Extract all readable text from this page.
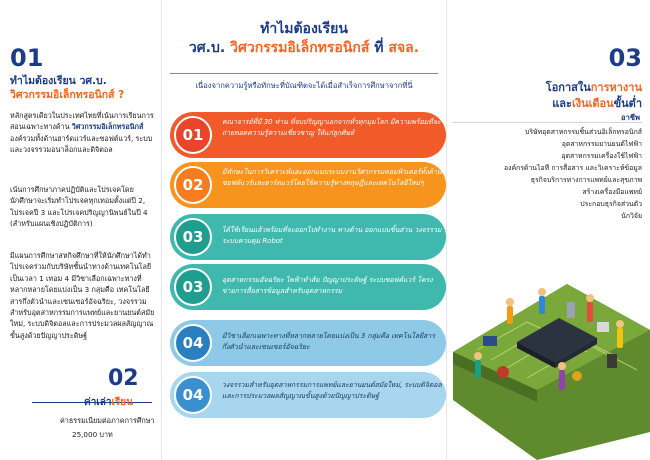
01
ทำไมต้องเรียน วศ.บ.
วิศวกรรมอิเล็กทรอนิกส์ ?
หลักสูตรเดียวในประเทศไทยที่เน้นการเรียนการสอนเฉพาะทางด้าน วิศวกรรมอิเล็กทรอนิกส์ องค์รวมทั้งด้านฮาร์ดแวร์และซอฟต์แวร์, ระบบและวงจรรวมอนาล็อกและดิจิตอล
เน้นการศึกษาภาคปฏิบัติและโปรเจคโดยนักศึกษาจะเริ่มทำโปรเจคทุกเทอมตั้งแต่ปี 2, โปรเจคปี 3 และโปรเจคปริญญานิพนธ์ในปี 4 (สำหรับแผนเชิงปฏิบัติการ)
มีแผนการศึกษาสหกิจศึกษาที่ให้นักศึกษาได้ทำโปรเจคร่วมกับบริษัทชั้นนำทางด้านเทคโนโลยีเป็นเวลา 1 เทอม 4 มีวิชาเลือกเฉพาะทางที่หลากหลายโดยแบ่งเป็น 3 กลุ่มคือ เทคโนโลยีสารกึ่งตัวนำและเซนเซอร์อัจฉริยะ, วงจรรวมสำหรับอุตสาหกรรมการแพทย์และยานยนต์สมัยใหม่, ระบบดิจิตอลและการประมวลผลสัญญาณขั้นสูงด้วยปัญญาประดิษฐ์
02
ค่าเล่าเรียน
ค่าธรรมเนียมต่อภาคการศึกษา
25,000 บาท
ทำไมต้องเรียน
วศ.บ. วิศวกรรมอิเล็กทรอนิกส์ ที่ สจล.
เนื่องจากความรู้หรือทักษะที่บัณฑิตจะได้เมื่อสำเร็จการศึกษาจากที่นี่
01
คณาจารย์ที่มี 30 ท่าน ที่จบปริญญาเอกจากทั่วทุกมุมโลก มีความพร้อมที่จะถ่ายทอดความรู้ความเชี่ยวชาญ ให้แก่ลูกศิษย์
02
มีทักษะในการวิเคราะห์และออกแบบระบบงานวิศวกรรมคอมพิวเตอร์ทั้งด้านซอฟต์แวร์และฮาร์ดแวร์โดยใช้ความรู้ทางทฤษฎีและเทคโนโลยีใหม่ๆ
03	ได้ใช้เรียนแล้วพร้อมที่จะออกไปทำงาน ทางด้าน ออกแบบชิ้นส่วน วงจรรวม ระบบควบคุม Robot
03	อุตสาหกรรมอัจฉริยะ ไพฟ้าทำส้ม ปัญญาประดิษฐ์ ระบบซอฟต์แวร์ โครงข่ายการสื่อสารข้อมูลสำหรับอุตสาหกรรม
04	มีวิชาเลือกเฉพาะทางที่หลากหลายโดยแบ่งเป็น 3 กลุ่มคือ เทคโนโลยีสารกึ่งตัวนำและเซนเซอร์อัจฉริยะ
04
วงจรรวมสำหรับอุตสาหกรรมการแพทย์และยานยนต์สมัยใหม่, ระบบดิจิตอลและการประมวลผลสัญญาณขั้นสูงด้วยปัญญาประดิษฐ์
03
โอกาสในการหางาน
และเงินเดือนขั้นต่ำ
อาชีพ
บริษัทอุตสาหกรรมชิ้นส่วนอิเล็กทรอนิกส์
อุตสาหกรรมยานยนต์ไฟฟ้า
อุตสาหกรรมเครื่องใช้ไฟฟ้า
องค์กรด้านไอที การสื่อสาร และวิเคราะห์ข้อมูล
ธุรกิจบริการทางการแพทย์และสุขภาพ
สร้างเครื่องมือแพทย์
ประกอบธุรกิจส่วนตัว
นักวิจัย
